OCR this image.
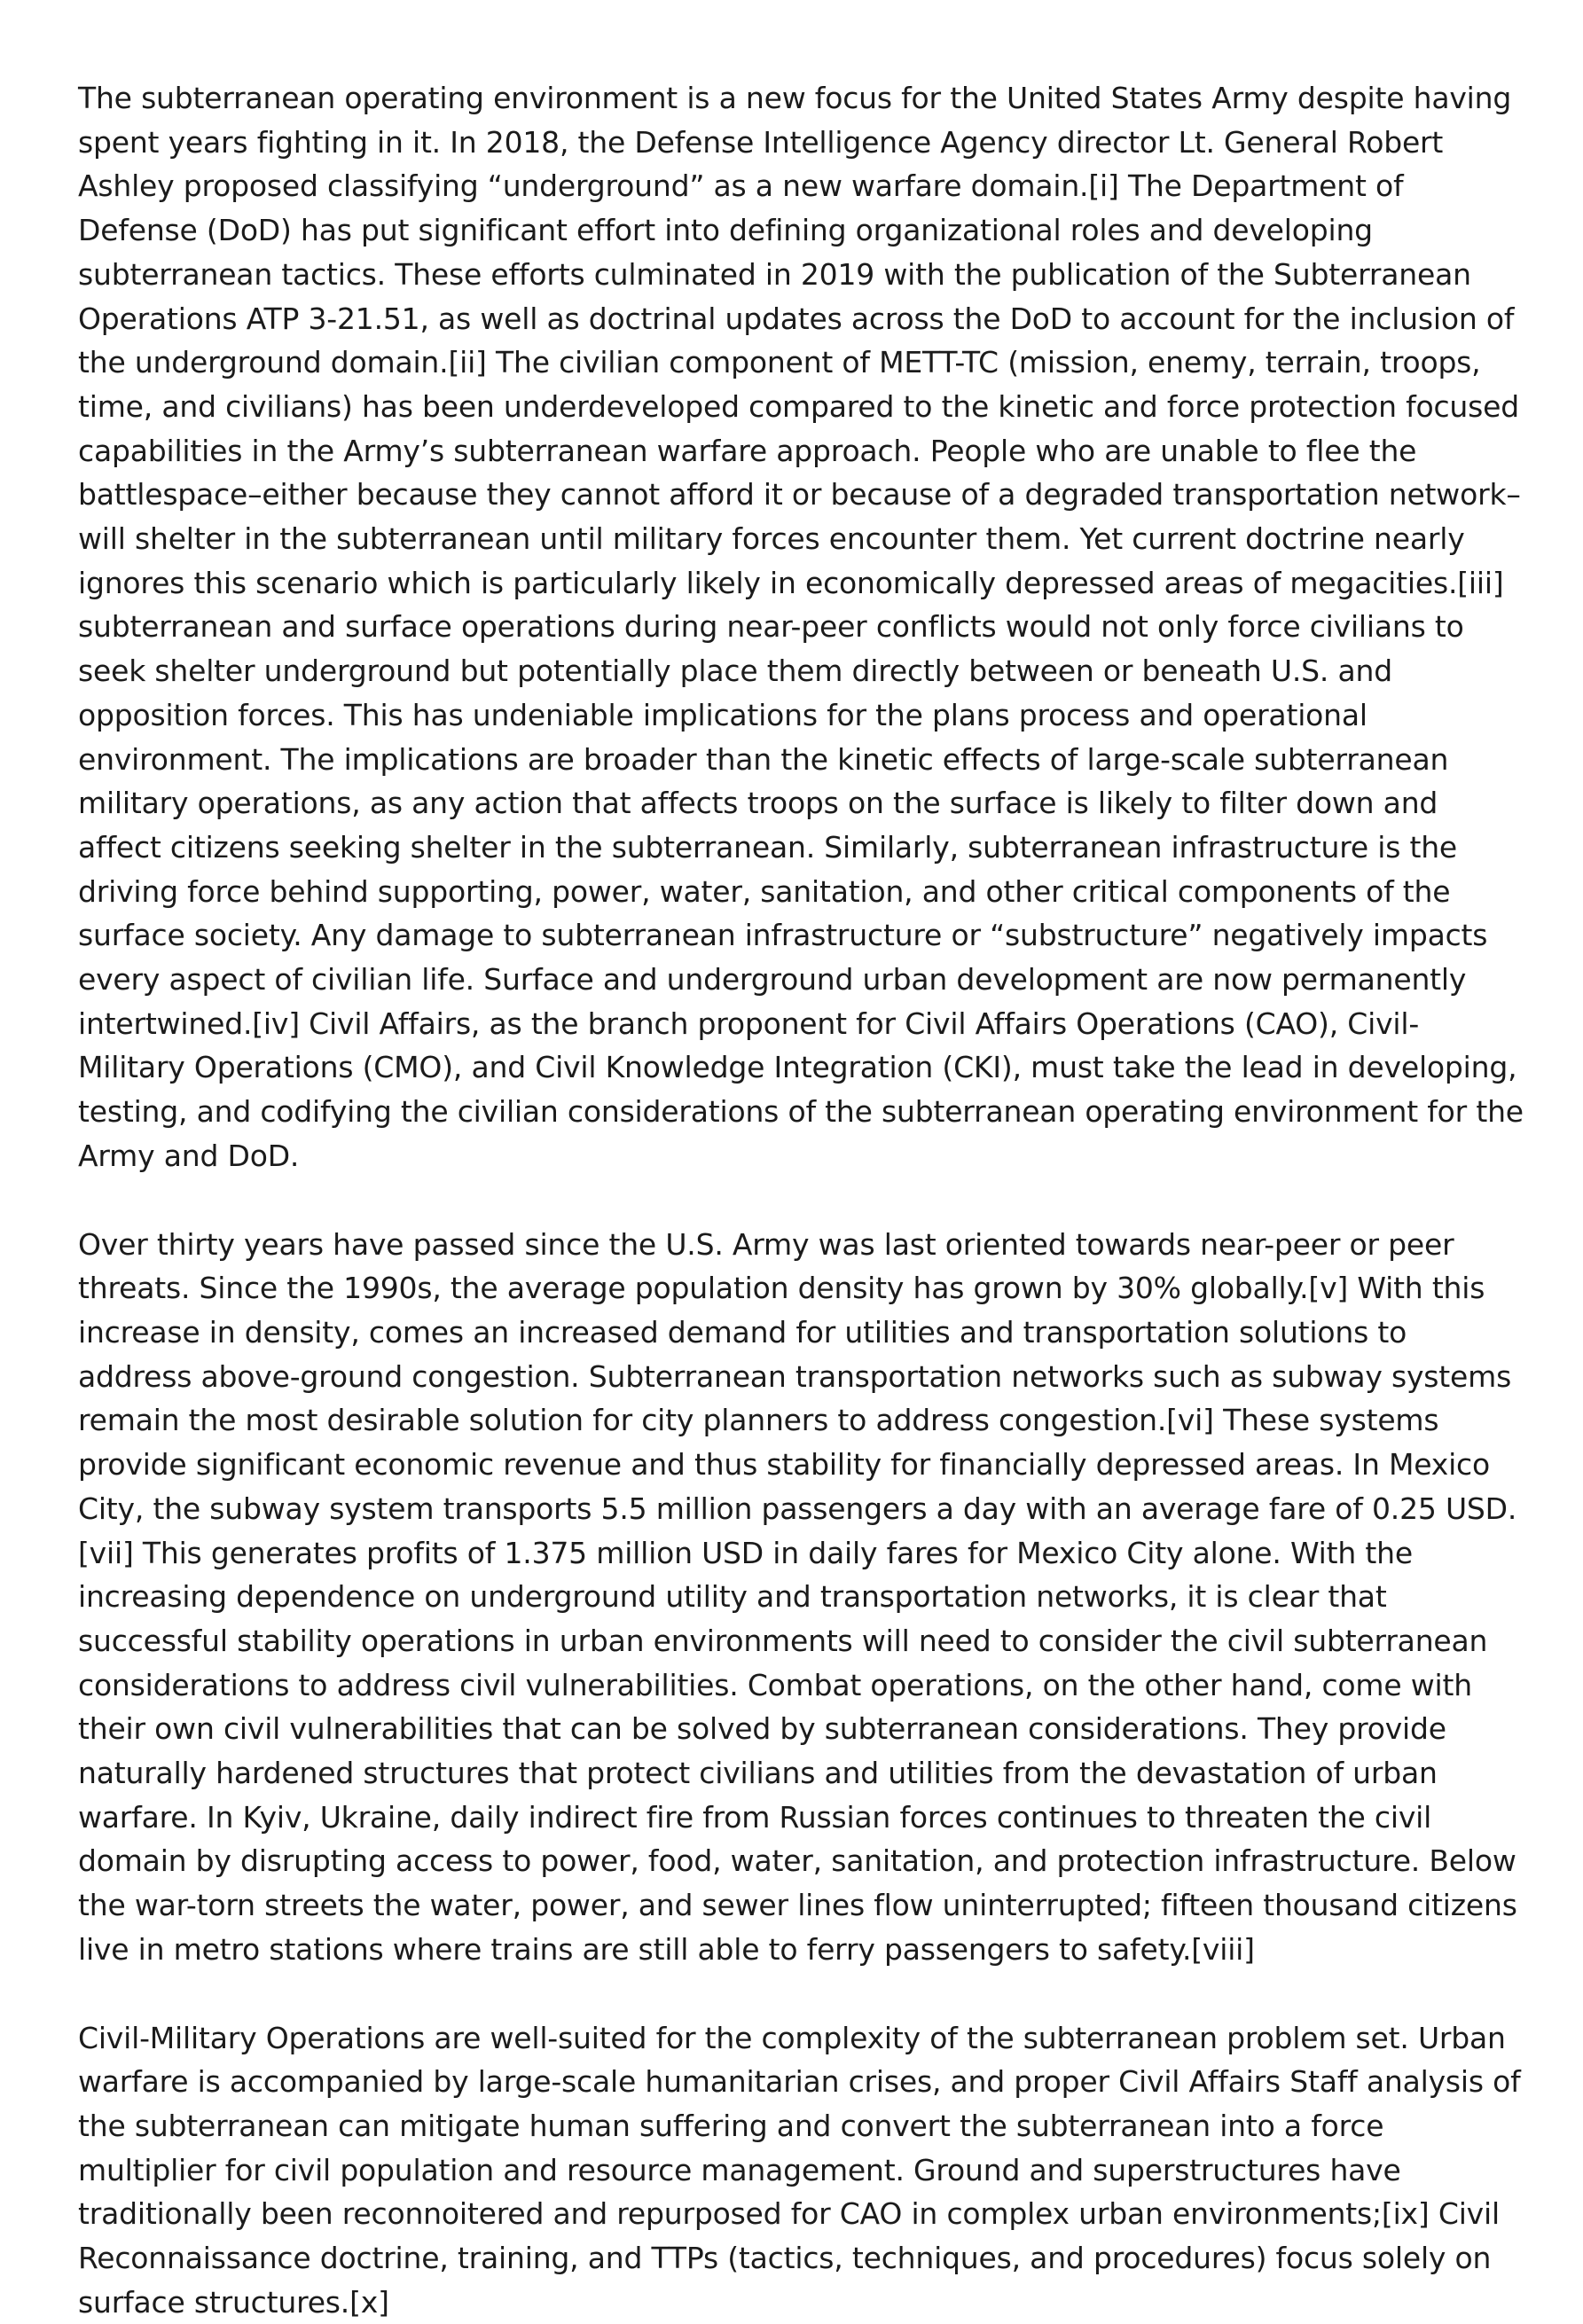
The subterranean operating environment is a new focus for the United States Army despite having spent years fighting in it. In 2018, the Defense Intelligence Agency director Lt. General Robert Ashley proposed classifying “underground” as a new warfare domain.[i] The Department of Defense (DoD) has put significant effort into defining organizational roles and developing subterranean tactics. These efforts culminated in 2019 with the publication of the Subterranean Operations ATP 3-21.51, as well as doctrinal updates across the DoD to account for the inclusion of the underground domain.[ii] The civilian component of METT-TC (mission, enemy, terrain, troops, time, and civilians) has been underdeveloped compared to the kinetic and force protection focused capabilities in the Army’s subterranean warfare approach. People who are unable to flee the battlespace–either because they cannot afford it or because of a degraded transportation network–will shelter in the subterranean until military forces encounter them. Yet current doctrine nearly ignores this scenario which is particularly likely in economically depressed areas of megacities.[iii] subterranean and surface operations during near-peer conflicts would not only force civilians to seek shelter underground but potentially place them directly between or beneath U.S. and opposition forces. This has undeniable implications for the plans process and operational environment. The implications are broader than the kinetic effects of large-scale subterranean military operations, as any action that affects troops on the surface is likely to filter down and affect citizens seeking shelter in the subterranean. Similarly, subterranean infrastructure is the driving force behind supporting, power, water, sanitation, and other critical components of the surface society. Any damage to subterranean infrastructure or “substructure” negatively impacts every aspect of civilian life. Surface and underground urban development are now permanently intertwined.[iv] Civil Affairs, as the branch proponent for Civil Affairs Operations (CAO), Civil-Military Operations (CMO), and Civil Knowledge Integration (CKI), must take the lead in developing, testing, and codifying the civilian considerations of the subterranean operating environment for the Army and DoD.

Over thirty years have passed since the U.S. Army was last oriented towards near-peer or peer threats. Since the 1990s, the average population density has grown by 30% globally.[v] With this increase in density, comes an increased demand for utilities and transportation solutions to address above-ground congestion. Subterranean transportation networks such as subway systems remain the most desirable solution for city planners to address congestion.[vi] These systems provide significant economic revenue and thus stability for financially depressed areas. In Mexico City, the subway system transports 5.5 million passengers a day with an average fare of 0.25 USD.[vii] This generates profits of 1.375 million USD in daily fares for Mexico City alone. With the increasing dependence on underground utility and transportation networks, it is clear that successful stability operations in urban environments will need to consider the civil subterranean considerations to address civil vulnerabilities. Combat operations, on the other hand, come with their own civil vulnerabilities that can be solved by subterranean considerations. They provide naturally hardened structures that protect civilians and utilities from the devastation of urban warfare. In Kyiv, Ukraine, daily indirect fire from Russian forces continues to threaten the civil domain by disrupting access to power, food, water, sanitation, and protection infrastructure. Below the war-torn streets the water, power, and sewer lines flow uninterrupted; fifteen thousand citizens live in metro stations where trains are still able to ferry passengers to safety.[viii]

Civil-Military Operations are well-suited for the complexity of the subterranean problem set. Urban warfare is accompanied by large-scale humanitarian crises, and proper Civil Affairs Staff analysis of the subterranean can mitigate human suffering and convert the subterranean into a force multiplier for civil population and resource management. Ground and superstructures have traditionally been reconnoitered and repurposed for CAO in complex urban environments;[ix] Civil Reconnaissance doctrine, training, and TTPs (tactics, techniques, and procedures) focus solely on surface structures.[x]
